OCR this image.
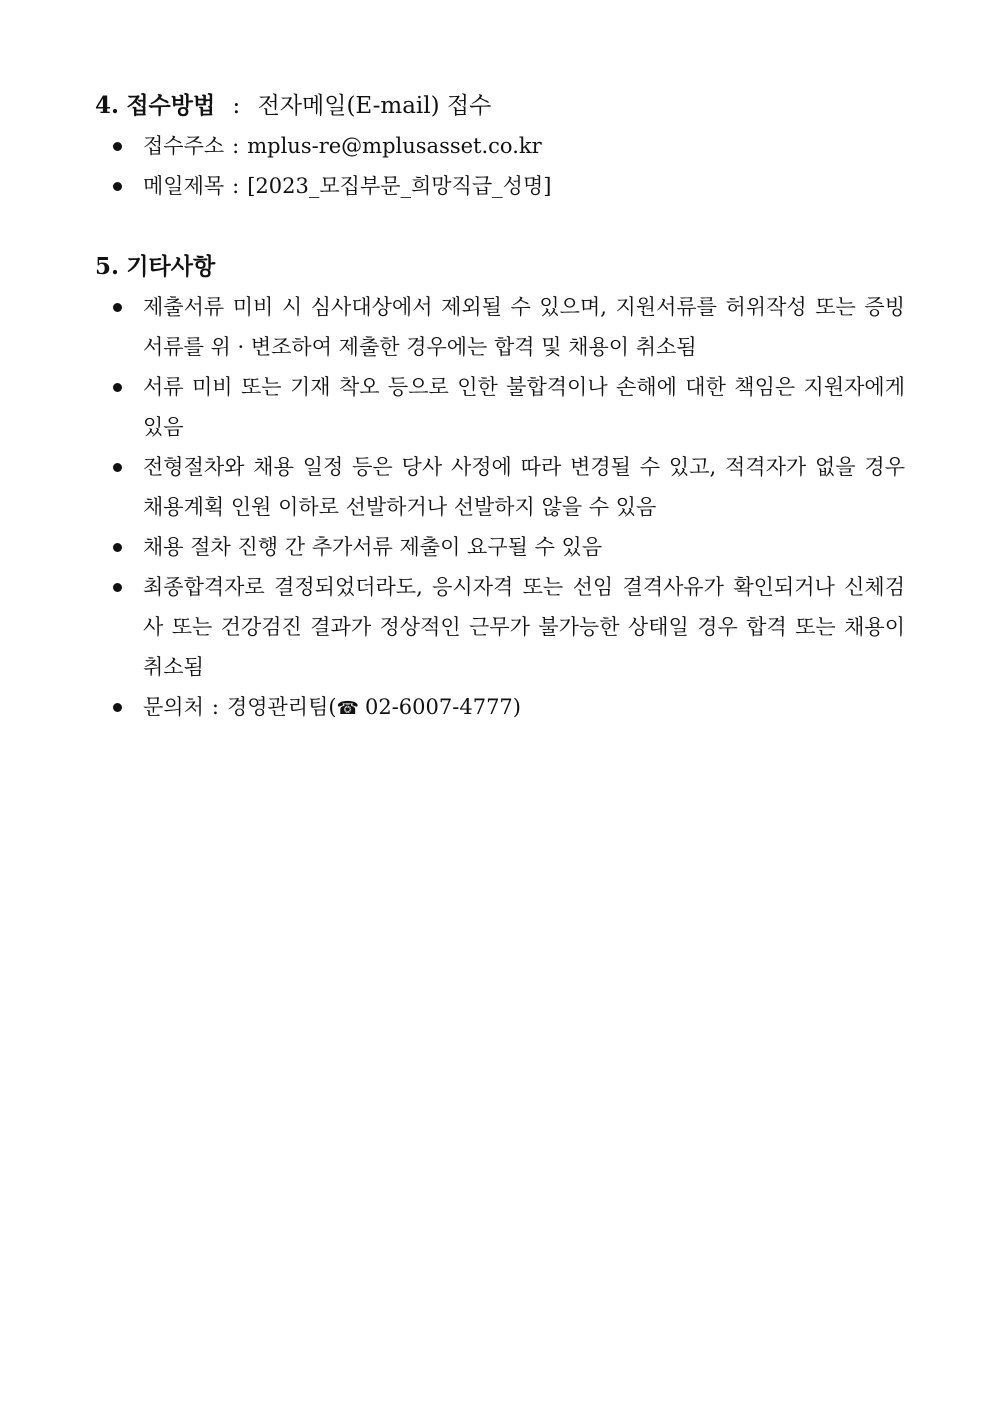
4. 접수방법 : 전자메일(E-mail) 접수
접수주소 : mplus-re@mplusasset.co.kr
메일제목 : [2023_모집부문_희망직급_성명]
5. 기타사항
제출서류 미비 시 심사대상에서 제외될 수 있으며, 지원서류를 허위작성 또는 증빙서류를 위 · 변조하여 제출한 경우에는 합격 및 채용이 취소됨
서류 미비 또는 기재 착오 등으로 인한 불합격이나 손해에 대한 책임은 지원자에게 있음
전형절차와 채용 일정 등은 당사 사정에 따라 변경될 수 있고, 적격자가 없을 경우 채용계획 인원 이하로 선발하거나 선발하지 않을 수 있음
채용 절차 진행 간 추가서류 제출이 요구될 수 있음
최종합격자로 결정되었더라도, 응시자격 또는 선임 결격사유가 확인되거나 신체검사 또는 건강검진 결과가 정상적인 근무가 불가능한 상태일 경우 합격 또는 채용이 취소됨
문의처 : 경영관리팀(☎ 02-6007-4777)
